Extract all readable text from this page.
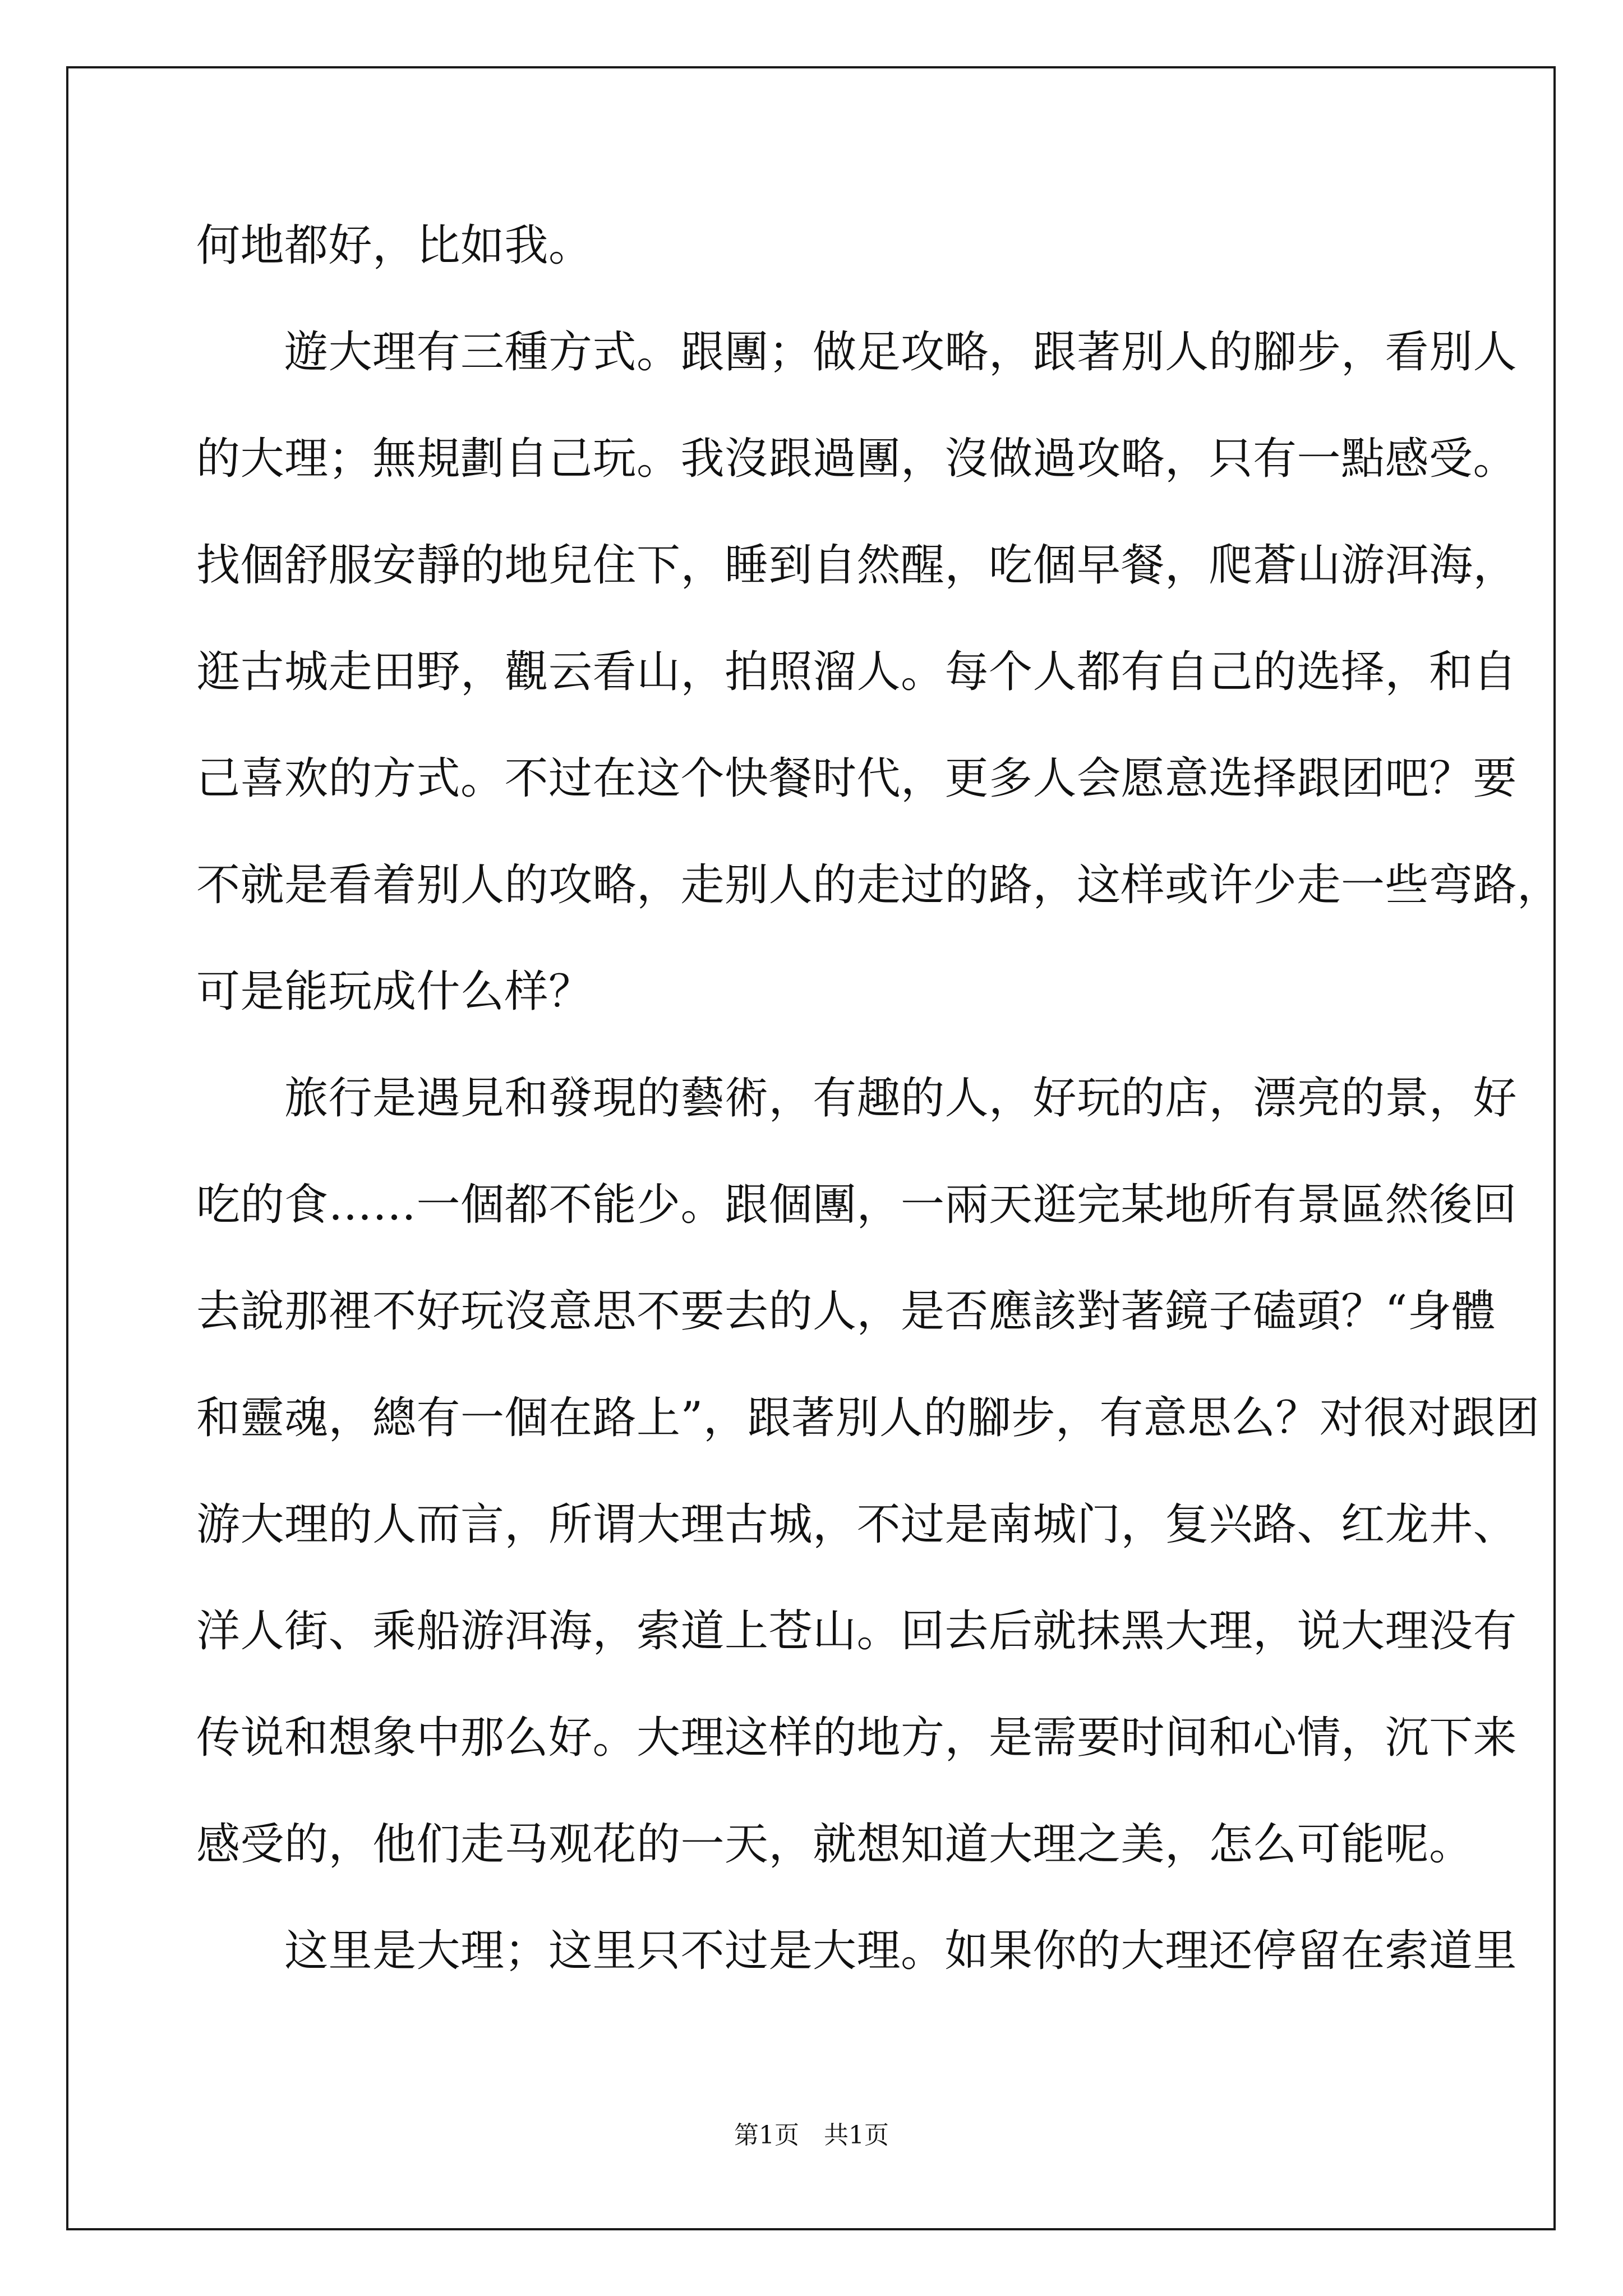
何地都好，比如我。
　　遊大理有三種方式。跟團；做足攻略，跟著別人的腳步，看別人
的大理；無規劃自己玩。我沒跟過團，沒做過攻略，只有一點感受。
找個舒服安靜的地兒住下，睡到自然醒，吃個早餐，爬蒼山游洱海，
逛古城走田野，觀云看山，拍照溜人。每个人都有自己的选择，和自
己喜欢的方式。不过在这个快餐时代，更多人会愿意选择跟团吧？要
不就是看着别人的攻略，走别人的走过的路，这样或许少走一些弯路，
可是能玩成什么样？
　　旅行是遇見和發現的藝術，有趣的人，好玩的店，漂亮的景，好
吃的食……一個都不能少。跟個團，一兩天逛完某地所有景區然後回
去說那裡不好玩沒意思不要去的人，是否應該對著鏡子磕頭？“身體
和靈魂，總有一個在路上”，跟著別人的腳步，有意思么？对很对跟团
游大理的人而言，所谓大理古城，不过是南城门，复兴路、红龙井、
洋人街、乘船游洱海，索道上苍山。回去后就抹黑大理，说大理没有
传说和想象中那么好。大理这样的地方，是需要时间和心情，沉下来
感受的，他们走马观花的一天，就想知道大理之美，怎么可能呢。
　　这里是大理；这里只不过是大理。如果你的大理还停留在索道里
第1页　共1页
